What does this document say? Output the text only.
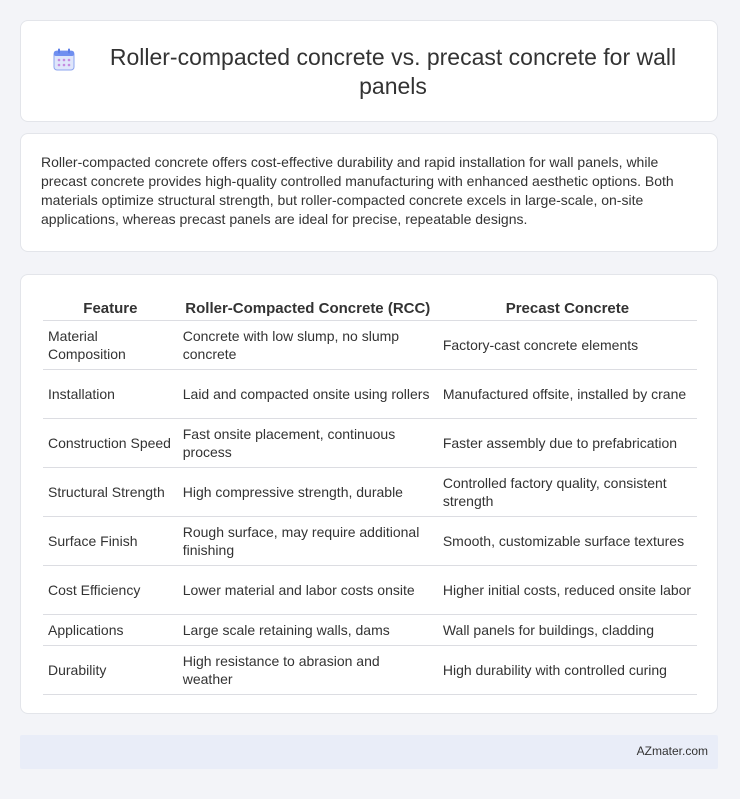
Roller-compacted concrete vs. precast concrete for wall panels

Roller-compacted concrete offers cost-effective durability and rapid installation for wall panels, while precast concrete provides high-quality controlled manufacturing with enhanced aesthetic options. Both materials optimize structural strength, but roller-compacted concrete excels in large-scale, on-site applications, whereas precast panels are ideal for precise, repeatable designs.

Feature	Roller-Compacted Concrete (RCC)	Precast Concrete
Material Composition	Concrete with low slump, no slump concrete	Factory-cast concrete elements
Installation	Laid and compacted onsite using rollers	Manufactured offsite, installed by crane
Construction Speed	Fast onsite placement, continuous process	Faster assembly due to prefabrication
Structural Strength	High compressive strength, durable	Controlled factory quality, consistent strength
Surface Finish	Rough surface, may require additional finishing	Smooth, customizable surface textures
Cost Efficiency	Lower material and labor costs onsite	Higher initial costs, reduced onsite labor
Applications	Large scale retaining walls, dams	Wall panels for buildings, cladding
Durability	High resistance to abrasion and weather	High durability with controlled curing
AZmater.com
